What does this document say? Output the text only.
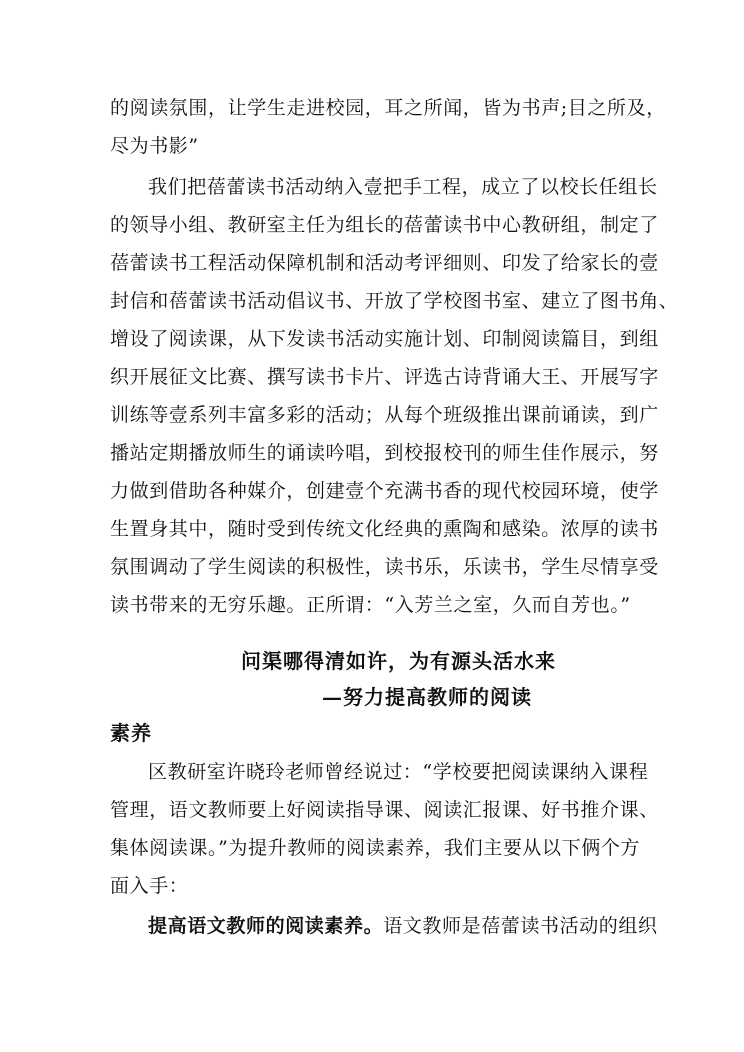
的阅读氛围，让学生走进校园，耳之所闻，皆为书声;目之所及，
尽为书影”
我们把蓓蕾读书活动纳入壹把手工程，成立了以校长任组长
的领导小组、教研室主任为组长的蓓蕾读书中心教研组，制定了
蓓蕾读书工程活动保障机制和活动考评细则、印发了给家长的壹
封信和蓓蕾读书活动倡议书、开放了学校图书室、建立了图书角、
增设了阅读课，从下发读书活动实施计划、印制阅读篇目，到组
织开展征文比赛、撰写读书卡片、评选古诗背诵大王、开展写字
训练等壹系列丰富多彩的活动；从每个班级推出课前诵读，到广
播站定期播放师生的诵读吟唱，到校报校刊的师生佳作展示，努
力做到借助各种媒介，创建壹个充满书香的现代校园环境，使学
生置身其中，随时受到传统文化经典的熏陶和感染。浓厚的读书
氛围调动了学生阅读的积极性，读书乐，乐读书，学生尽情享受
读书带来的无穷乐趣。正所谓：“入芳兰之室，久而自芳也。”
问渠哪得清如许，为有源头活水来
—努力提高教师的阅读
素养
区教研室许晓玲老师曾经说过：“学校要把阅读课纳入课程
管理，语文教师要上好阅读指导课、阅读汇报课、好书推介课、
集体阅读课。”为提升教师的阅读素养，我们主要从以下俩个方
面入手：
提高语文教师的阅读素养。语文教师是蓓蕾读书活动的组织
